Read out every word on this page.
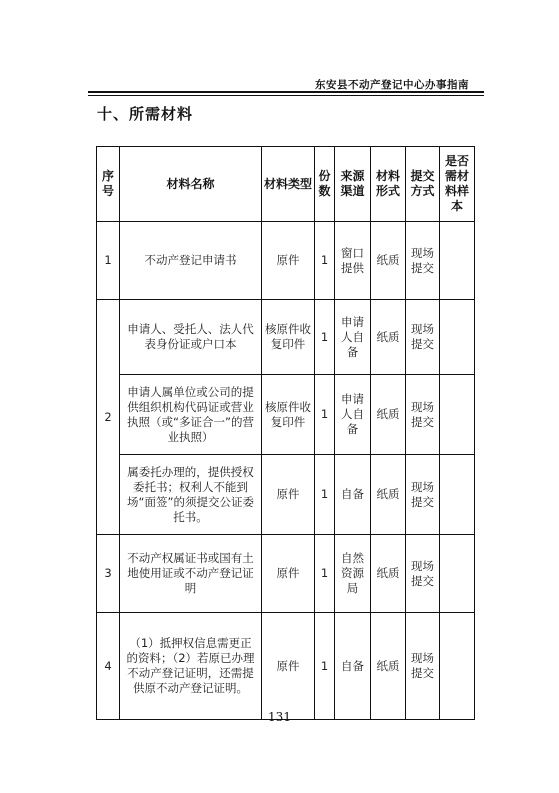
东安县不动产登记中心办事指南
十、所需材料
序号	材料名称	材料类型	份数	来源渠道	材料形式	提交方式	是否需材料样本
1	不动产登记申请书	原件	1	窗口提供	纸质	现场提交	
2	申请人、受托人、法人代表身份证或户口本	核原件收复印件	1	申请人自备	纸质	现场提交	
	申请人属单位或公司的提供组织机构代码证或营业执照（或“多证合一”的营业执照）	核原件收复印件	1	申请人自备	纸质	现场提交	
	属委托办理的，提供授权委托书；权利人不能到场“面签”的须提交公证委托书。	原件	1	自备	纸质	现场提交	
3	不动产权属证书或国有土地使用证或不动产登记证明	原件	1	自然资源局	纸质	现场提交	
4	（1）抵押权信息需更正的资料；（2）若原已办理不动产登记证明，还需提供原不动产登记证明。	原件	1	自备	纸质	现场提交	
131
